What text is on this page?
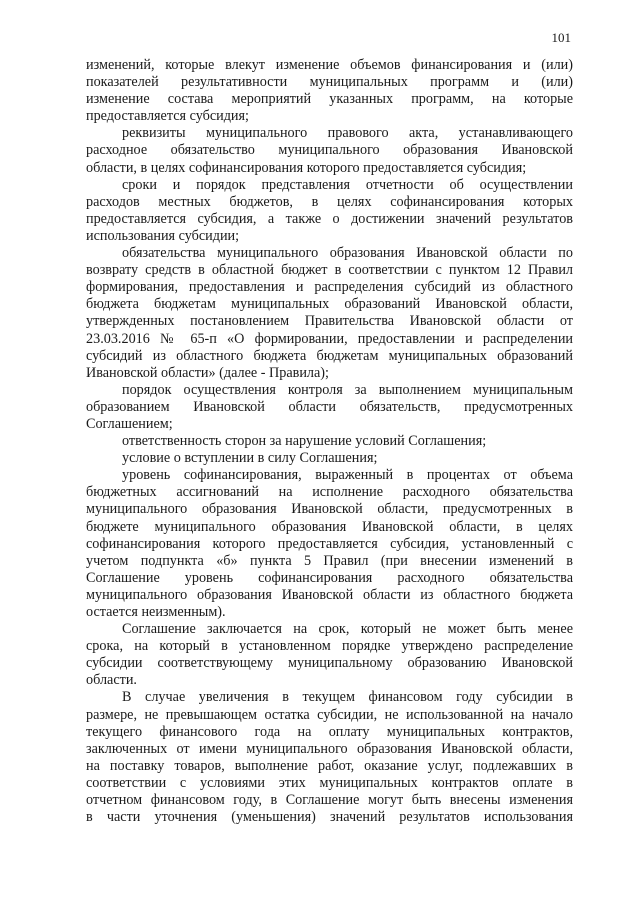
101
изменений, которые влекут изменение объемов финансирования и (или)
показателей результативности муниципальных программ и (или)
изменение состава мероприятий указанных программ, на которые
предоставляется субсидия;
реквизиты муниципального правового акта, устанавливающего
расходное обязательство муниципального образования Ивановской
области, в целях софинансирования которого предоставляется субсидия;
сроки и порядок представления отчетности об осуществлении
расходов местных бюджетов, в целях софинансирования которых
предоставляется субсидия, а также о достижении значений результатов
использования субсидии;
обязательства муниципального образования Ивановской области по
возврату средств в областной бюджет в соответствии с пунктом 12 Правил
формирования, предоставления и распределения субсидий из областного
бюджета бюджетам муниципальных образований Ивановской области,
утвержденных постановлением Правительства Ивановской области от
23.03.2016 № 65-п «О формировании, предоставлении и распределении
субсидий из областного бюджета бюджетам муниципальных образований
Ивановской области» (далее - Правила);
порядок осуществления контроля за выполнением муниципальным
образованием Ивановской области обязательств, предусмотренных
Соглашением;
ответственность сторон за нарушение условий Соглашения;
условие о вступлении в силу Соглашения;
уровень софинансирования, выраженный в процентах от объема
бюджетных ассигнований на исполнение расходного обязательства
муниципального образования Ивановской области, предусмотренных в
бюджете муниципального образования Ивановской области, в целях
софинансирования которого предоставляется субсидия, установленный с
учетом подпункта «б» пункта 5 Правил (при внесении изменений в
Соглашение уровень софинансирования расходного обязательства
муниципального образования Ивановской области из областного бюджета
остается неизменным).
Соглашение заключается на срок, который не может быть менее
срока, на который в установленном порядке утверждено распределение
субсидии соответствующему муниципальному образованию Ивановской
области.
В случае увеличения в текущем финансовом году субсидии в
размере, не превышающем остатка субсидии, не использованной на начало
текущего финансового года на оплату муниципальных контрактов,
заключенных от имени муниципального образования Ивановской области,
на поставку товаров, выполнение работ, оказание услуг, подлежавших в
соответствии с условиями этих муниципальных контрактов оплате в
отчетном финансовом году, в Соглашение могут быть внесены изменения
в части уточнения (уменьшения) значений результатов использования
